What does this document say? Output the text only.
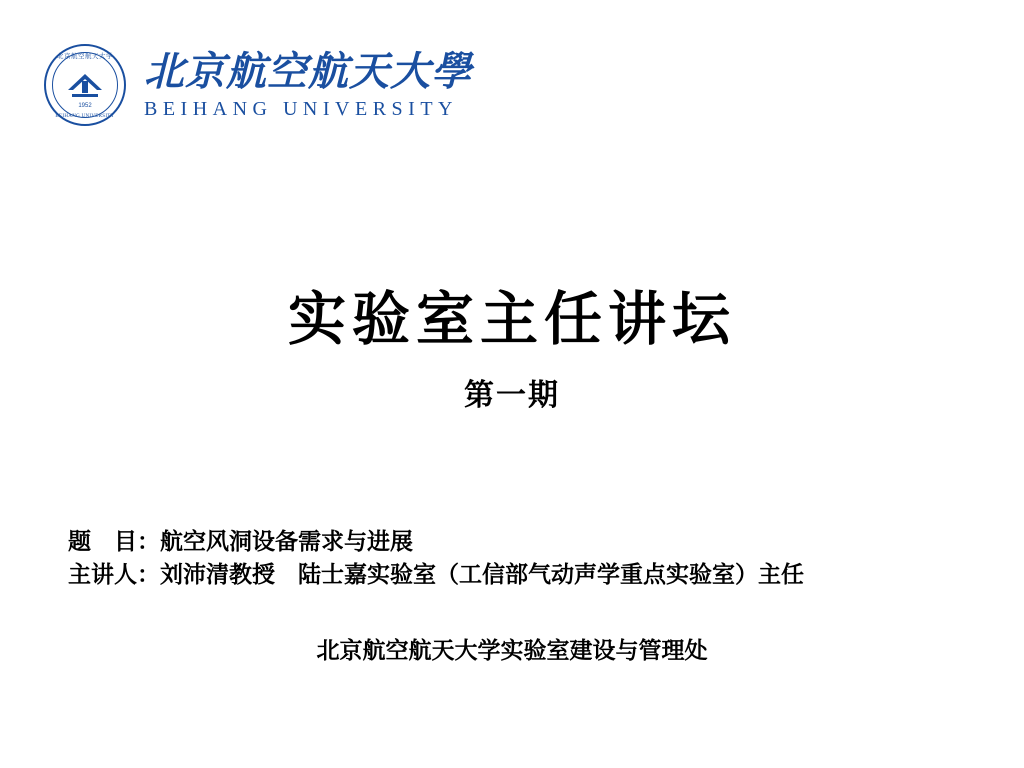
北京航空航天大学
1952
BEIHANG UNIVERSITY
北京航空航天大學
BEIHANG UNIVERSITY
实验室主任讲坛
第一期
题　目：航空风洞设备需求与进展
主讲人：刘沛清教授　陆士嘉实验室（工信部气动声学重点实验室）主任
北京航空航天大学实验室建设与管理处
